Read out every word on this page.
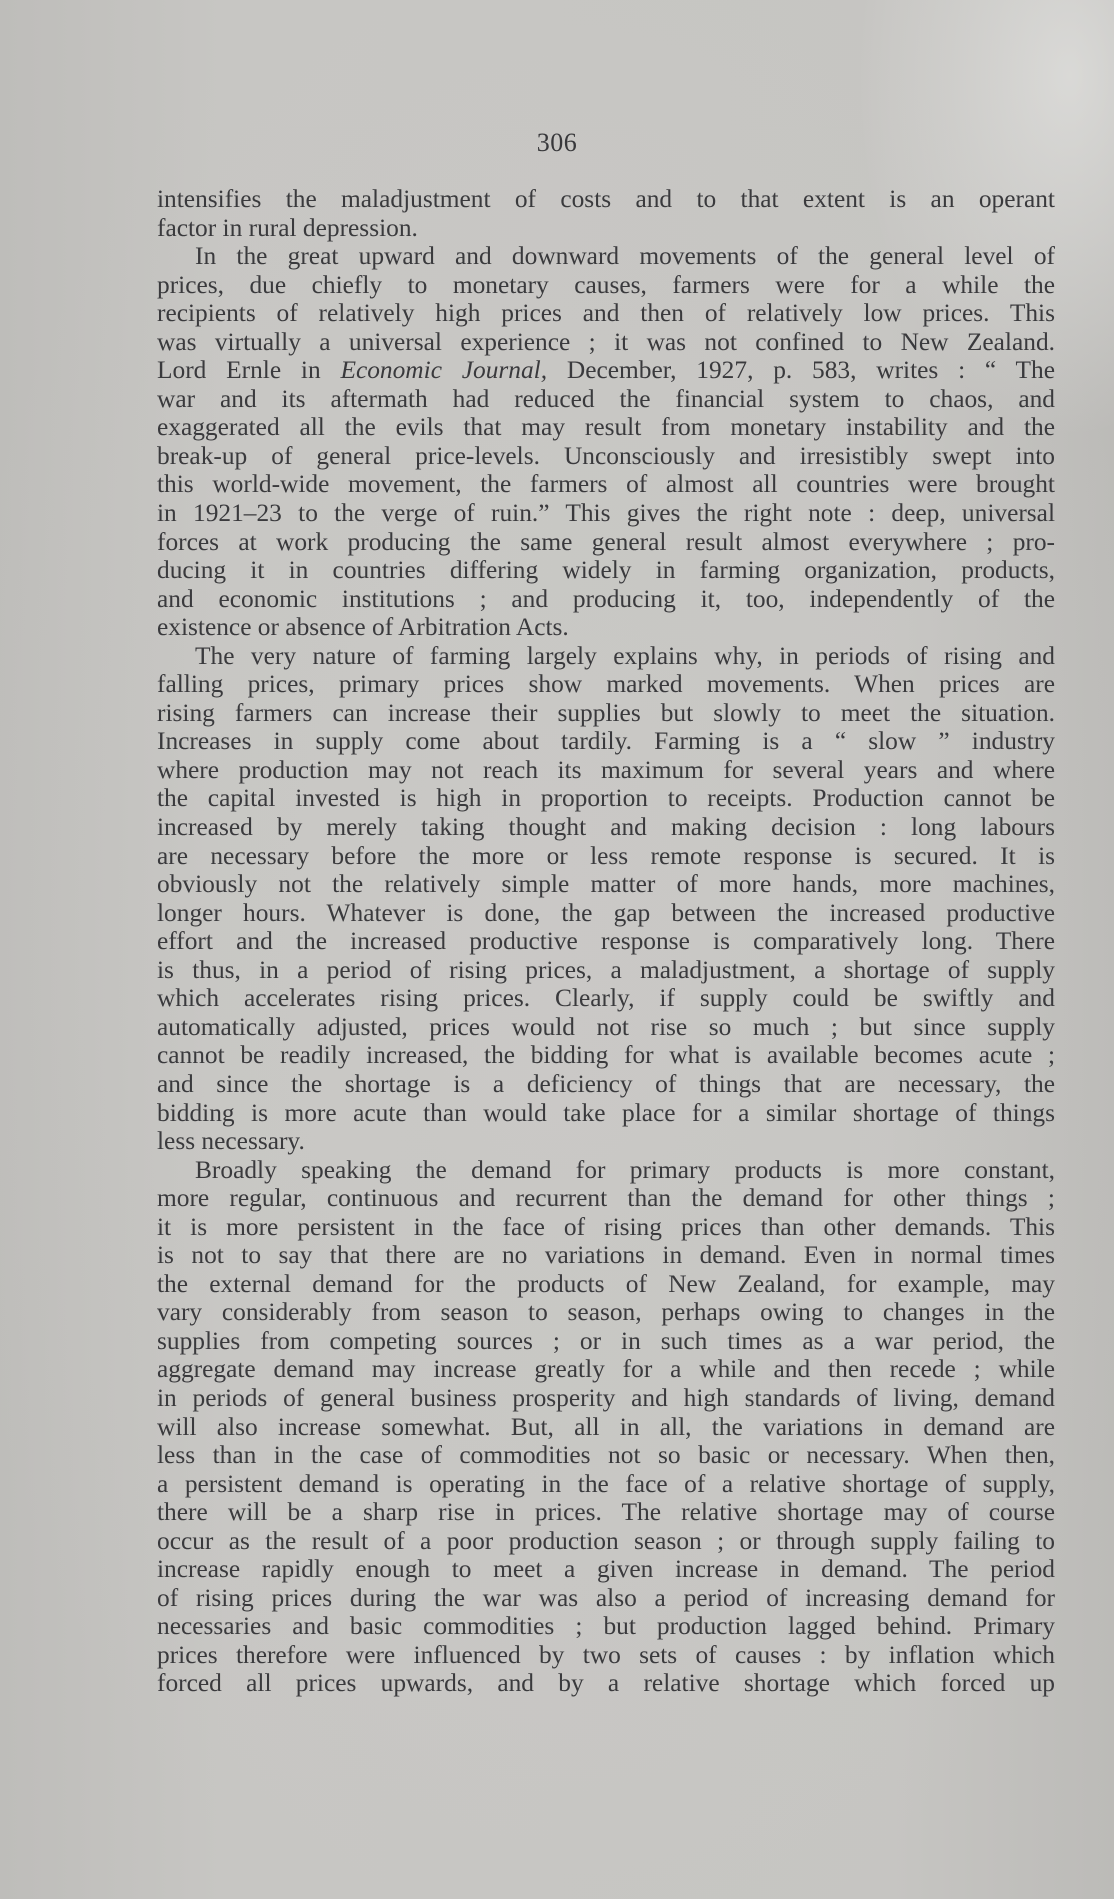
306
intensifies the maladjustment of costs and to that extent is an operant
factor in rural depression.
In the great upward and downward movements of the general level of
prices, due chiefly to monetary causes, farmers were for a while the
recipients of relatively high prices and then of relatively low prices. This
was virtually a universal experience ; it was not confined to New Zealand.
Lord Ernle in Economic Journal, December, 1927, p. 583, writes : “ The
war and its aftermath had reduced the financial system to chaos, and
exaggerated all the evils that may result from monetary instability and the
break-up of general price-levels. Unconsciously and irresistibly swept into
this world-wide movement, the farmers of almost all countries were brought
in 1921–23 to the verge of ruin.” This gives the right note : deep, universal
forces at work producing the same general result almost everywhere ; pro-
ducing it in countries differing widely in farming organization, products,
and economic institutions ; and producing it, too, independently of the
existence or absence of Arbitration Acts.
The very nature of farming largely explains why, in periods of rising and
falling prices, primary prices show marked movements. When prices are
rising farmers can increase their supplies but slowly to meet the situation.
Increases in supply come about tardily. Farming is a “ slow ” industry
where production may not reach its maximum for several years and where
the capital invested is high in proportion to receipts. Production cannot be
increased by merely taking thought and making decision : long labours
are necessary before the more or less remote response is secured. It is
obviously not the relatively simple matter of more hands, more machines,
longer hours. Whatever is done, the gap between the increased productive
effort and the increased productive response is comparatively long. There
is thus, in a period of rising prices, a maladjustment, a shortage of supply
which accelerates rising prices. Clearly, if supply could be swiftly and
automatically adjusted, prices would not rise so much ; but since supply
cannot be readily increased, the bidding for what is available becomes acute ;
and since the shortage is a deficiency of things that are necessary, the
bidding is more acute than would take place for a similar shortage of things
less necessary.
Broadly speaking the demand for primary products is more constant,
more regular, continuous and recurrent than the demand for other things ;
it is more persistent in the face of rising prices than other demands. This
is not to say that there are no variations in demand. Even in normal times
the external demand for the products of New Zealand, for example, may
vary considerably from season to season, perhaps owing to changes in the
supplies from competing sources ; or in such times as a war period, the
aggregate demand may increase greatly for a while and then recede ; while
in periods of general business prosperity and high standards of living, demand
will also increase somewhat. But, all in all, the variations in demand are
less than in the case of commodities not so basic or necessary. When then,
a persistent demand is operating in the face of a relative shortage of supply,
there will be a sharp rise in prices. The relative shortage may of course
occur as the result of a poor production season ; or through supply failing to
increase rapidly enough to meet a given increase in demand. The period
of rising prices during the war was also a period of increasing demand for
necessaries and basic commodities ; but production lagged behind. Primary
prices therefore were influenced by two sets of causes : by inflation which
forced all prices upwards, and by a relative shortage which forced up
